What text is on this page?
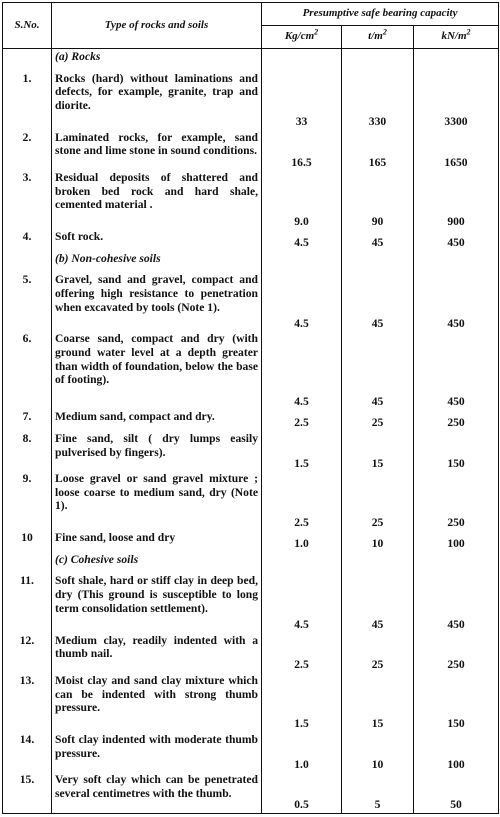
S.No.	Type of rocks and soils	Presumptive safe bearing capacity		
		$Kg/cm^2$	$t/m^2$	$kN/m^2$
	(a) Rocks			
1.	Rocks (hard) without laminations and defects, for example, granite, trap and diorite.	33	330	3300
2.	Laminated rocks, for example, sand stone and lime stone in sound conditions.	16.5	165	1650
3.	Residual deposits of shattered and broken bed rock and hard shale, cemented material .	9.0	90	900
4.	Soft rock.	4.5	45	450
	(b) Non-cohesive soils			
5.	Gravel, sand and gravel, compact and offering high resistance to penetration when excavated by tools (Note 1).	4.5	45	450
6.	Coarse sand, compact and dry (with ground water level at a depth greater than width of foundation, below the base of footing).	4.5	45	450
7.	Medium sand, compact and dry.	2.5	25	250
8.	Fine sand, silt ( dry lumps easily pulverised by fingers).	1.5	15	150
9.	Loose gravel or sand gravel mixture ; loose coarse to medium sand, dry (Note 1).	2.5	25	250
10	Fine sand, loose and dry	1.0	10	100
	(c) Cohesive soils			
11.	Soft shale, hard or stiff clay in deep bed, dry (This ground is susceptible to long term consolidation settlement).	4.5	45	450
12.	Medium clay, readily indented with a thumb nail.	2.5	25	250
13.	Moist clay and sand clay mixture which can be indented with strong thumb pressure.	1.5	15	150
14.	Soft clay indented with moderate thumb pressure.	1.0	10	100
15.	Very soft clay which can be penetrated several centimetres with the thumb.	0.5	5	50
